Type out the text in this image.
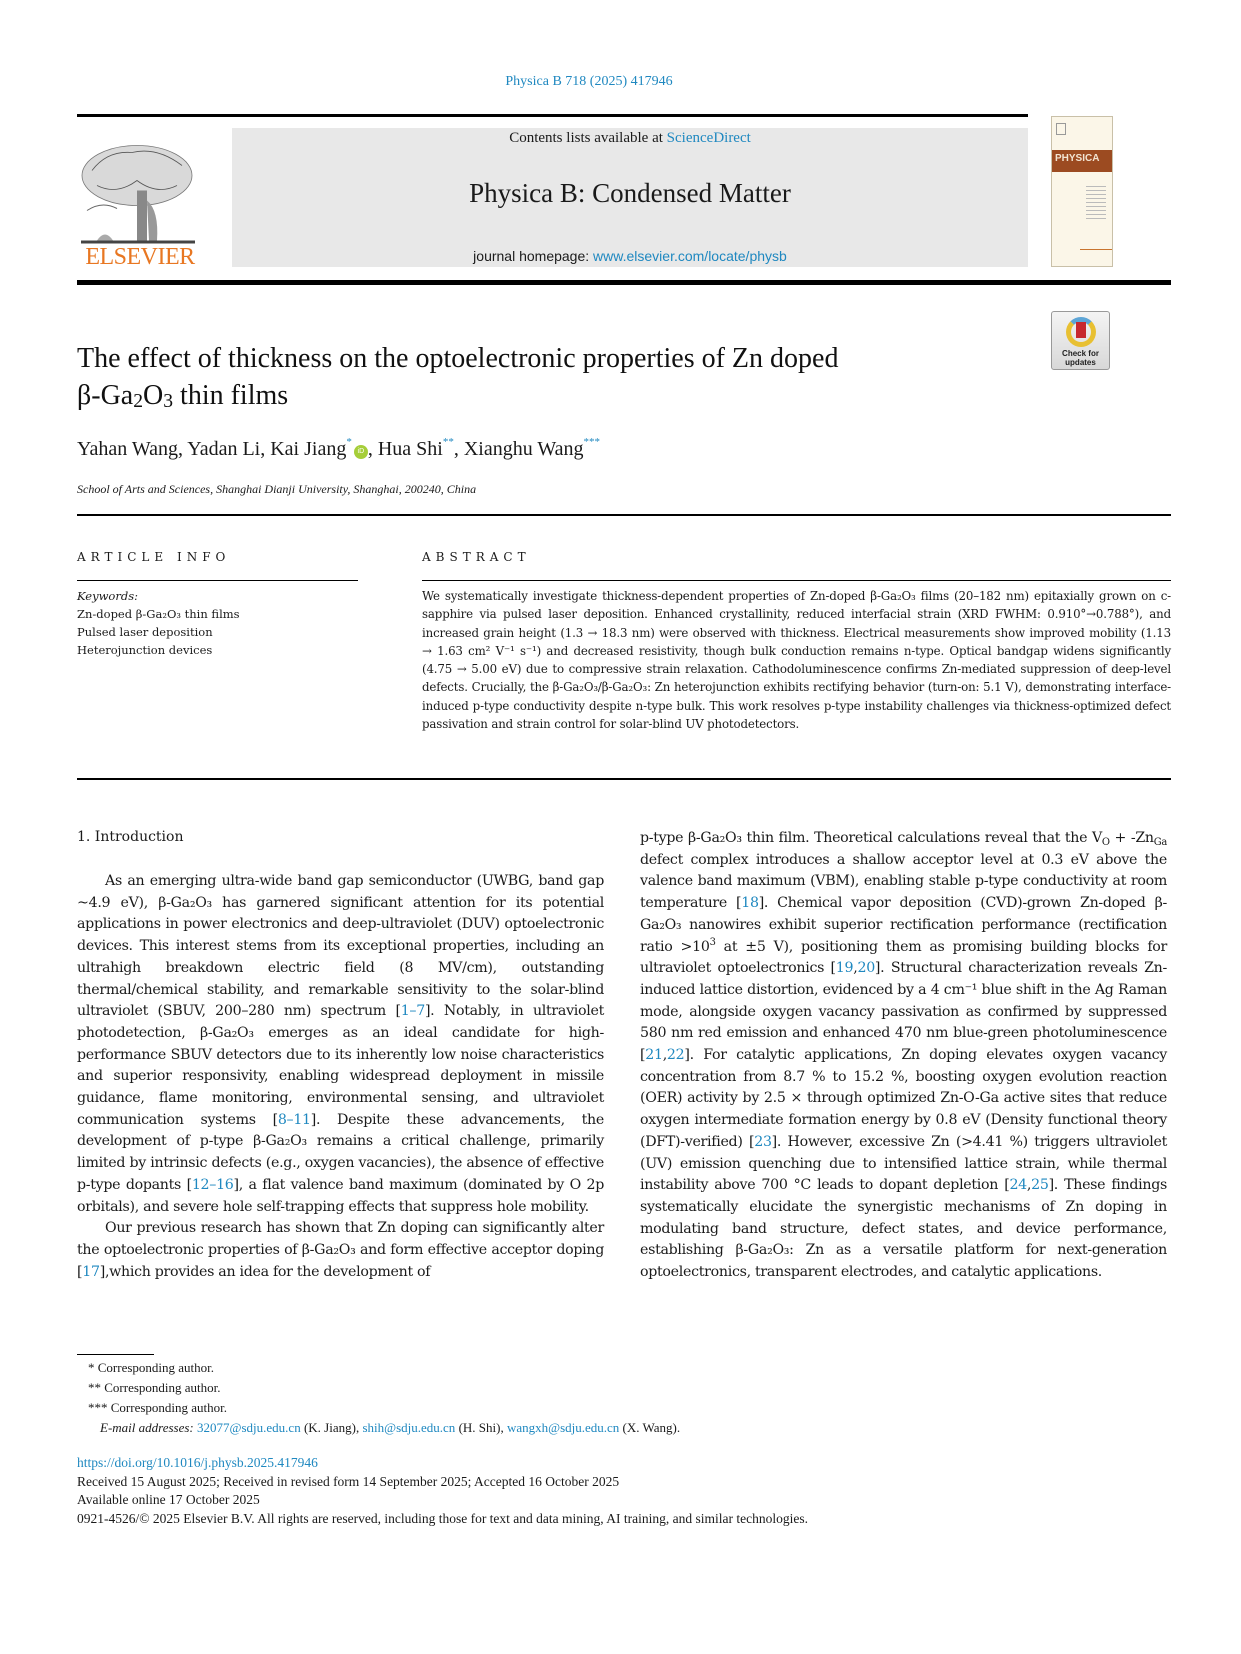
Physica B 718 (2025) 417946
ELSEVIER
Contents lists available at ScienceDirect
Physica B: Condensed Matter
journal homepage: www.elsevier.com/locate/physb
PHYSICA
Check for
updates
The effect of thickness on the optoelectronic properties of Zn doped
$\beta-Ga_2O_3$ thin films
Yahan Wang, Yadan Li, Kai Jiang*iD , Hua Shi**, Xianghu Wang***
School of Arts and Sciences, Shanghai Dianji University, Shanghai, 200240, China
ARTICLE INFO	ABSTRACT
Keywords:
Zn-doped β-Ga₂O₃ thin films
Pulsed laser deposition
Heterojunction devices
We systematically investigate thickness-dependent properties of Zn-doped β-Ga₂O₃ films (20–182 nm) epitaxially grown on c-sapphire via pulsed laser deposition. Enhanced crystallinity, reduced interfacial strain (XRD FWHM: 0.910°→0.788°), and increased grain height (1.3 → 18.3 nm) were observed with thickness. Electrical measurements show improved mobility (1.13 → 1.63 cm² V⁻¹ s⁻¹) and decreased resistivity, though bulk conduction remains n-type. Optical bandgap widens significantly (4.75 → 5.00 eV) due to compressive strain relaxation. Cathodoluminescence confirms Zn-mediated suppression of deep-level defects. Crucially, the β-Ga₂O₃/β-Ga₂O₃: Zn heterojunction exhibits rectifying behavior (turn-on: 5.1 V), demonstrating interface-induced p-type conductivity despite n-type bulk. This work resolves p-type instability challenges via thickness-optimized defect passivation and strain control for solar-blind UV photodetectors.
1. Introduction

As an emerging ultra-wide band gap semiconductor (UWBG, band gap ~4.9 eV), β-Ga₂O₃ has garnered significant attention for its potential applications in power electronics and deep-ultraviolet (DUV) optoelectronic devices. This interest stems from its exceptional properties, including an ultrahigh breakdown electric field (8 MV/cm), outstanding thermal/chemical stability, and remarkable sensitivity to the solar-blind ultraviolet (SBUV, 200–280 nm) spectrum [1–7]. Notably, in ultraviolet photodetection, β-Ga₂O₃ emerges as an ideal candidate for high-performance SBUV detectors due to its inherently low noise characteristics and superior responsivity, enabling widespread deployment in missile guidance, flame monitoring, environmental sensing, and ultraviolet communication systems [8–11]. Despite these advancements, the development of p-type β-Ga₂O₃ remains a critical challenge, primarily limited by intrinsic defects (e.g., oxygen vacancies), the absence of effective p-type dopants [12–16], a flat valence band maximum (dominated by O 2p orbitals), and severe hole self-trapping effects that suppress hole mobility.

Our previous research has shown that Zn doping can significantly alter the optoelectronic properties of β-Ga₂O₃ and form effective acceptor doping [17],which provides an idea for the development of

p-type β-Ga₂O₃ thin film. Theoretical calculations reveal that the $V_O + -Zn_{Ga}$ defect complex introduces a shallow acceptor level at 0.3 eV above the valence band maximum (VBM), enabling stable p-type conductivity at room temperature [18]. Chemical vapor deposition (CVD)-grown Zn-doped β-Ga₂O₃ nanowires exhibit superior rectification performance (rectification ratio $>10^3$ at ±5 V), positioning them as promising building blocks for ultraviolet optoelectronics [19,20]. Structural characterization reveals Zn-induced lattice distortion, evidenced by a 4 cm⁻¹ blue shift in the Ag Raman mode, alongside oxygen vacancy passivation as confirmed by suppressed 580 nm red emission and enhanced 470 nm blue-green photoluminescence [21,22]. For catalytic applications, Zn doping elevates oxygen vacancy concentration from 8.7 % to 15.2 %, boosting oxygen evolution reaction (OER) activity by 2.5 × through optimized Zn-O-Ga active sites that reduce oxygen intermediate formation energy by 0.8 eV (Density functional theory (DFT)-verified) [23]. However, excessive Zn (>4.41 %) triggers ultraviolet (UV) emission quenching due to intensified lattice strain, while thermal instability above 700 °C leads to dopant depletion [24,25]. These findings systematically elucidate the synergistic mechanisms of Zn doping in modulating band structure, defect states, and device performance, establishing β-Ga₂O₃: Zn as a versatile platform for next-generation optoelectronics, transparent electrodes, and catalytic applications.

* Corresponding author.
** Corresponding author.
*** Corresponding author.
E-mail addresses: 32077@sdju.edu.cn (K. Jiang), shih@sdju.edu.cn (H. Shi), wangxh@sdju.edu.cn (X. Wang).
https://doi.org/10.1016/j.physb.2025.417946
Received 15 August 2025; Received in revised form 14 September 2025; Accepted 16 October 2025
Available online 17 October 2025
0921-4526/© 2025 Elsevier B.V. All rights are reserved, including those for text and data mining, AI training, and similar technologies.
